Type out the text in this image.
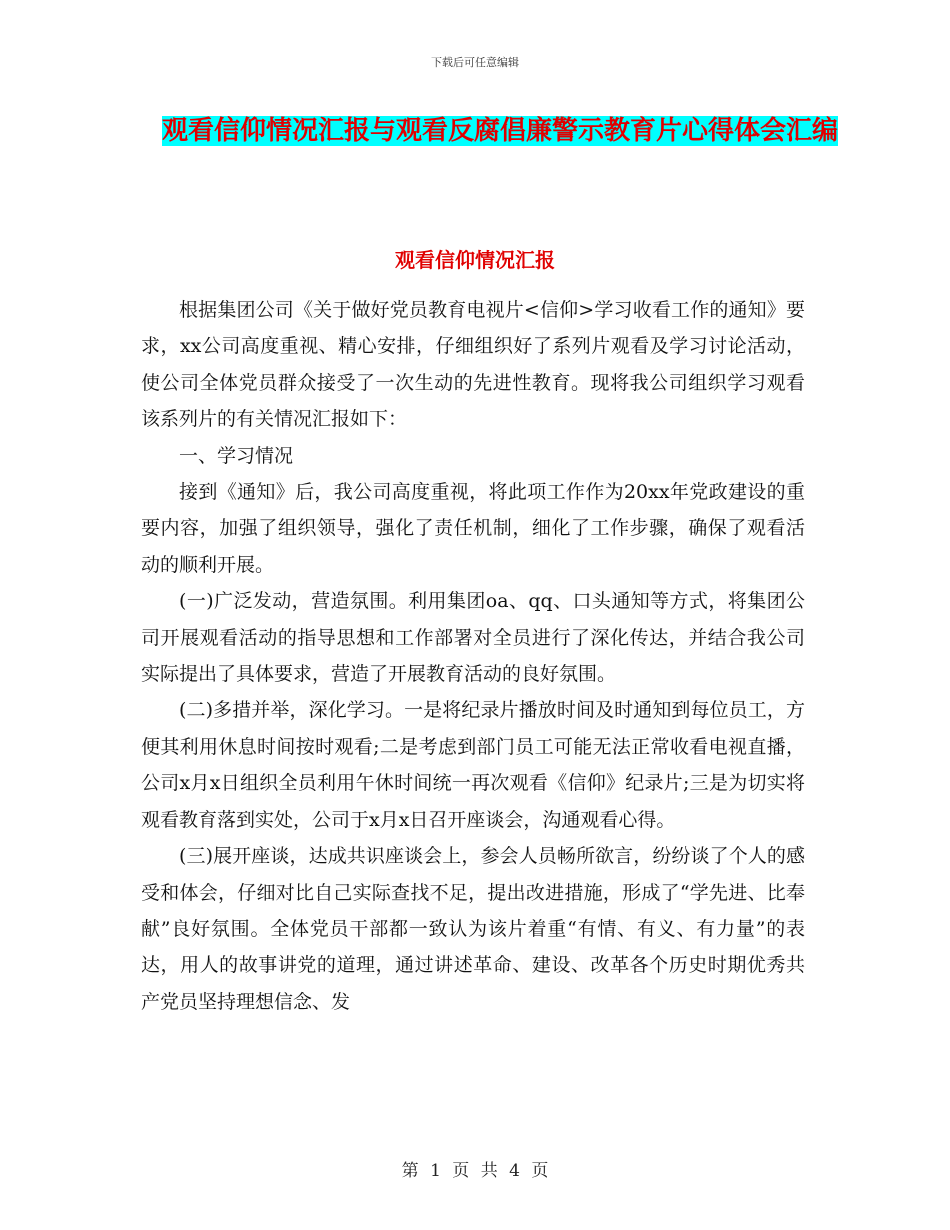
下载后可任意编辑
观看信仰情况汇报与观看反腐倡廉警示教育片心得体会汇编
观看信仰情况汇报

根据集团公司《关于做好党员教育电视片<信仰>学习收看工作的通知》要求，xx公司高度重视、精心安排，仔细组织好了系列片观看及学习讨论活动，使公司全体党员群众接受了一次生动的先进性教育。现将我公司组织学习观看该系列片的有关情况汇报如下：

一、学习情况

接到《通知》后，我公司高度重视，将此项工作作为20xx年党政建设的重要内容，加强了组织领导，强化了责任机制，细化了工作步骤，确保了观看活动的顺利开展。

(一)广泛发动，营造氛围。利用集团oa、qq、口头通知等方式，将集团公司开展观看活动的指导思想和工作部署对全员进行了深化传达，并结合我公司实际提出了具体要求，营造了开展教育活动的良好氛围。

(二)多措并举，深化学习。一是将纪录片播放时间及时通知到每位员工，方便其利用休息时间按时观看;二是考虑到部门员工可能无法正常收看电视直播，公司x月x日组织全员利用午休时间统一再次观看《信仰》纪录片;三是为切实将观看教育落到实处，公司于x月x日召开座谈会，沟通观看心得。

(三)展开座谈，达成共识座谈会上，参会人员畅所欲言，纷纷谈了个人的感受和体会，仔细对比自己实际查找不足，提出改进措施，形成了“学先进、比奉献”良好氛围。全体党员干部都一致认为该片着重“有情、有义、有力量”的表达，用人的故事讲党的道理，通过讲述革命、建设、改革各个历史时期优秀共产党员坚持理想信念、发

第 1 页 共 4 页
